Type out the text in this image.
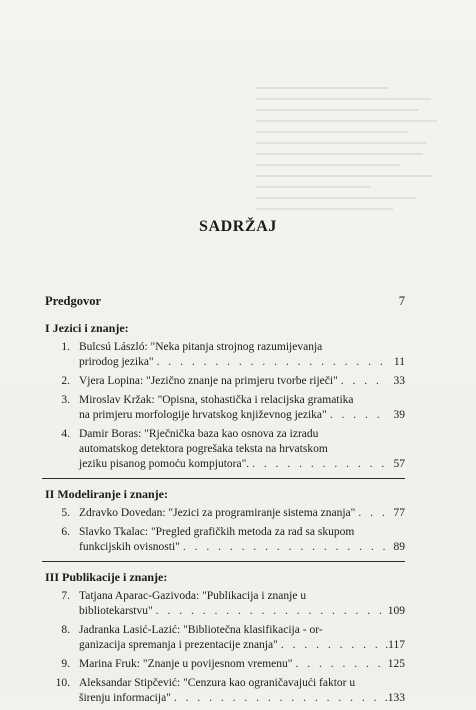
SADRŽAJ
Predgovor	7
I Jezici i znanje:
1. Bulcsú László: "Neka pitanja strojnog razumijevanja
prirodog jezika" . . .	11
2. Vjera Lopina: "Jezično znanje na primjeru tvorbe riječi" . . .	33
3. Miroslav Kržak: "Opisna, stohastička i relacijska gramatika
na primjeru morfologije hrvatskog književnog jezika" . . .	39
4. Damir Boras: "Rječnička baza kao osnova za izradu
automatskog detektora pogrešaka teksta na hrvatskom
jeziku pisanog pomoću kompjutora". . . .	57
II Modeliranje i znanje:
5. Zdravko Dovedan: "Jezici za programiranje sistema znanja" . . .	77
6. Slavko Tkalac: "Pregled grafičkih metoda za rad sa skupom
funkcijskih ovisnosti" . . .	89
III Publikacije i znanje:
7. Tatjana Aparac-Gazivoda: "Publikacija i znanje u
bibliotekarstvu" . . .	109
8. Jadranka Lasić-Lazić: "Bibliotečna klasifikacija - or-
ganizacija spremanja i prezentacije znanja" . . .	.117
9. Marina Fruk: "Znanje u povijesnom vremenu" . . .	125
10. Aleksandar Stipčević: "Cenzura kao ograničavajući faktor u
širenju informacija" . . .	.133
